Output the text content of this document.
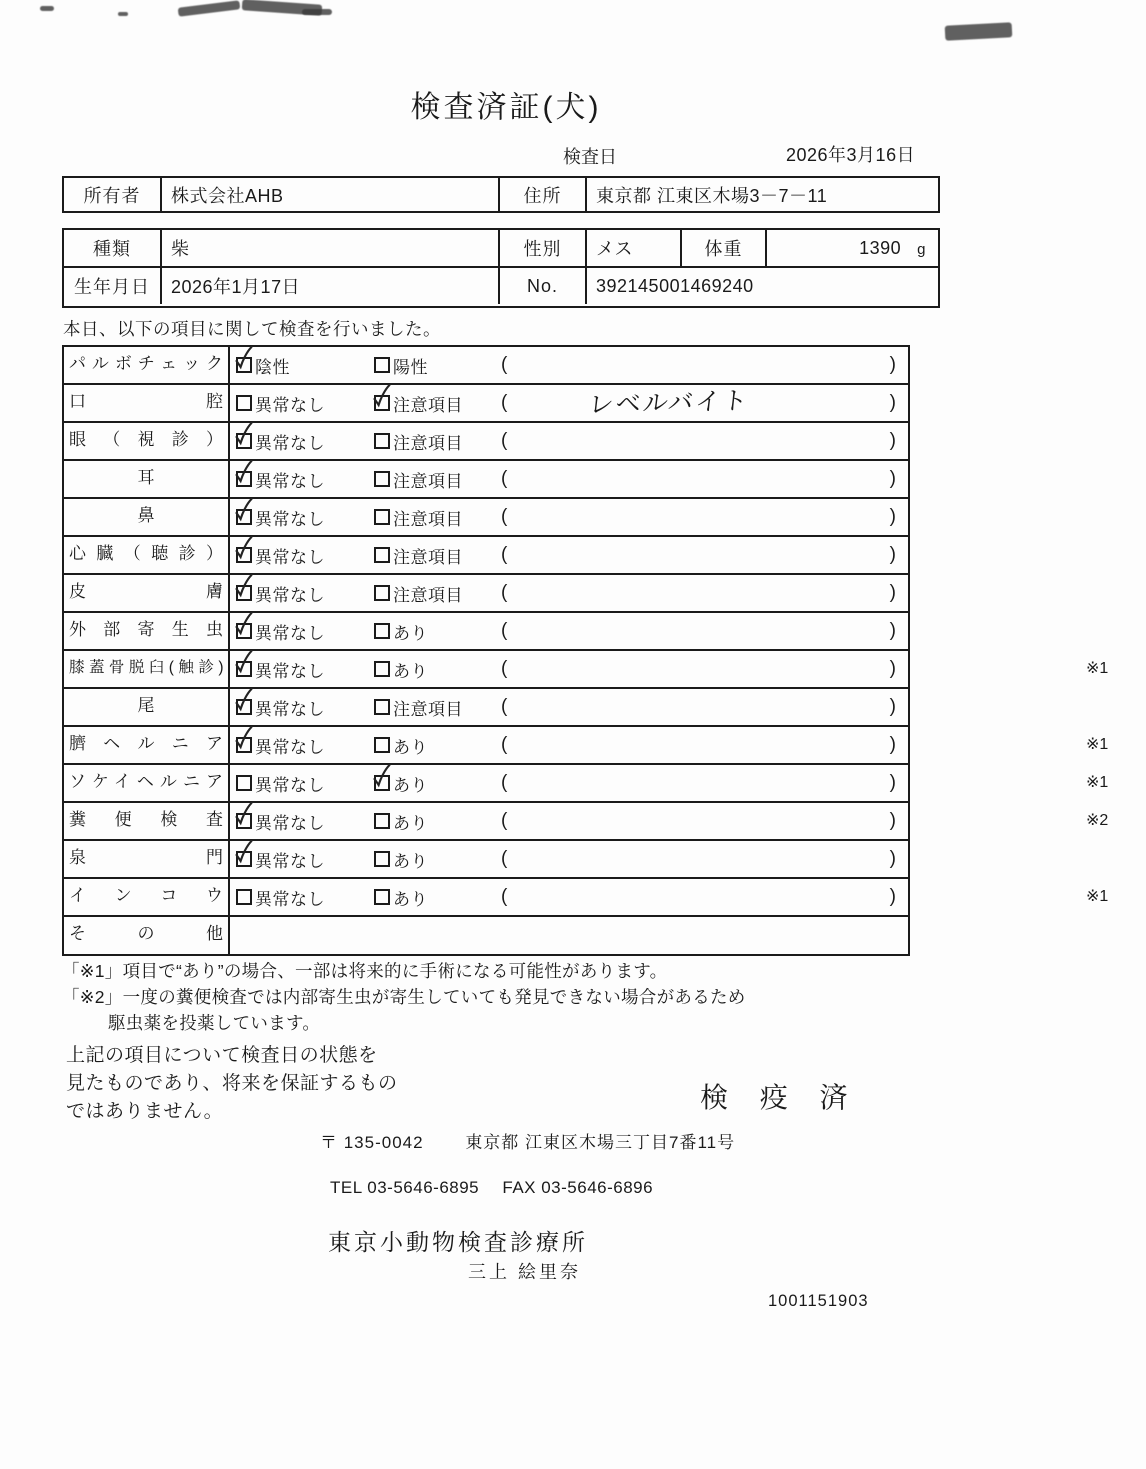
検査済証(犬)
検査日	2026年3月16日
所有者	株式会社AHB	住所	東京都 江東区木場3－7－11
種類	柴	性別	メス	体重	1390 g
生年月日	2026年1月17日	No.	392145001469240
本日、以下の項目に関して検査を行いました。
パルボチェック	陰性	陽性	(	)
口腔	異常なし	注意項目 (	レベルバイト	)
眼（視診）	異常なし	注意項目 (	)
耳	異常なし	注意項目 (	)
鼻	異常なし	注意項目 (	)
心臓（聴診）	異常なし	注意項目 (	)
皮膚	異常なし	注意項目 (	)
外部寄生虫	異常なし	あり	(	)
膝蓋骨脱臼(触診)	異常なし	あり	(	)	※1
尾	異常なし	注意項目 (	)
臍ヘルニア	異常なし	あり	(	)	※1
ソケイヘルニア	異常なし	あり	(	)	※1
糞便検査	異常なし	あり	(	)	※2
泉門	異常なし	あり	(	)
インコウ	異常なし	あり	(	)	※1
その他
「※1」項目で“あり”の場合、一部は将来的に手術になる可能性があります。
「※2」一度の糞便検査では内部寄生虫が寄生していても発見できない場合があるため
駆虫薬を投薬しています。
上記の項目について検査日の状態を
見たものであり、将来を保証するもの
ではありません。	検 疫 済
〒 135-0042 東京都 江東区木場三丁目7番11号
TEL 03-5646-6895 FAX 03-5646-6896
東京小動物検査診療所
三上 絵里奈
1001151903
